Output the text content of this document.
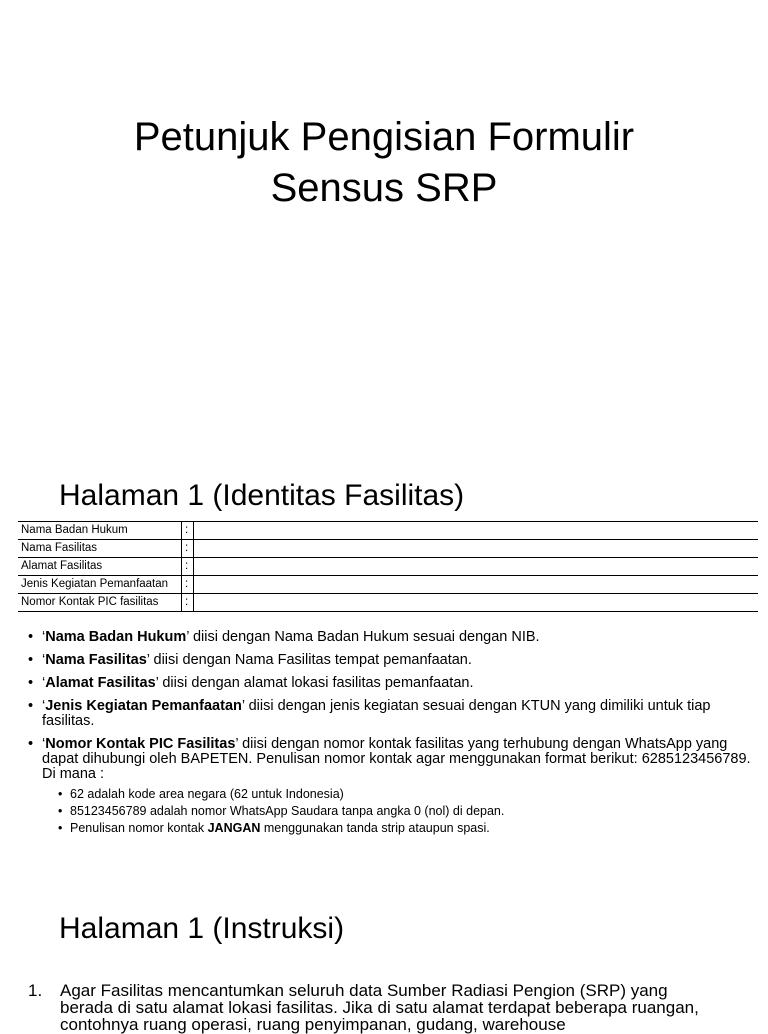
Petunjuk Pengisian Formulir
Sensus SRP
Halaman 1 (Identitas Fasilitas)
Nama Badan Hukum	:	
Nama Fasilitas	:	
Alamat Fasilitas	:	
Jenis Kegiatan Pemanfaatan	:	
Nomor Kontak PIC fasilitas	:	
• ‘Nama Badan Hukum’ diisi dengan Nama Badan Hukum sesuai dengan NIB.
• ‘Nama Fasilitas’ diisi dengan Nama Fasilitas tempat pemanfaatan.
• ‘Alamat Fasilitas’ diisi dengan alamat lokasi fasilitas pemanfaatan.
• ‘Jenis Kegiatan Pemanfaatan’ diisi dengan jenis kegiatan sesuai dengan KTUN yang dimiliki untuk tiap fasilitas.
• ‘Nomor Kontak PIC Fasilitas’ diisi dengan nomor kontak fasilitas yang terhubung dengan WhatsApp yang dapat dihubungi oleh BAPETEN. Penulisan nomor kontak agar menggunakan format berikut: 6285123456789. Di mana :
• 62 adalah kode area negara (62 untuk Indonesia)
• 85123456789 adalah nomor WhatsApp Saudara tanpa angka 0 (nol) di depan.
• Penulisan nomor kontak JANGAN menggunakan tanda strip ataupun spasi.
Halaman 1 (Instruksi)
1. Agar Fasilitas mencantumkan seluruh data Sumber Radiasi Pengion (SRP) yang berada di satu alamat lokasi fasilitas. Jika di satu alamat terdapat beberapa ruangan, contohnya ruang operasi, ruang penyimpanan, gudang, warehouse
